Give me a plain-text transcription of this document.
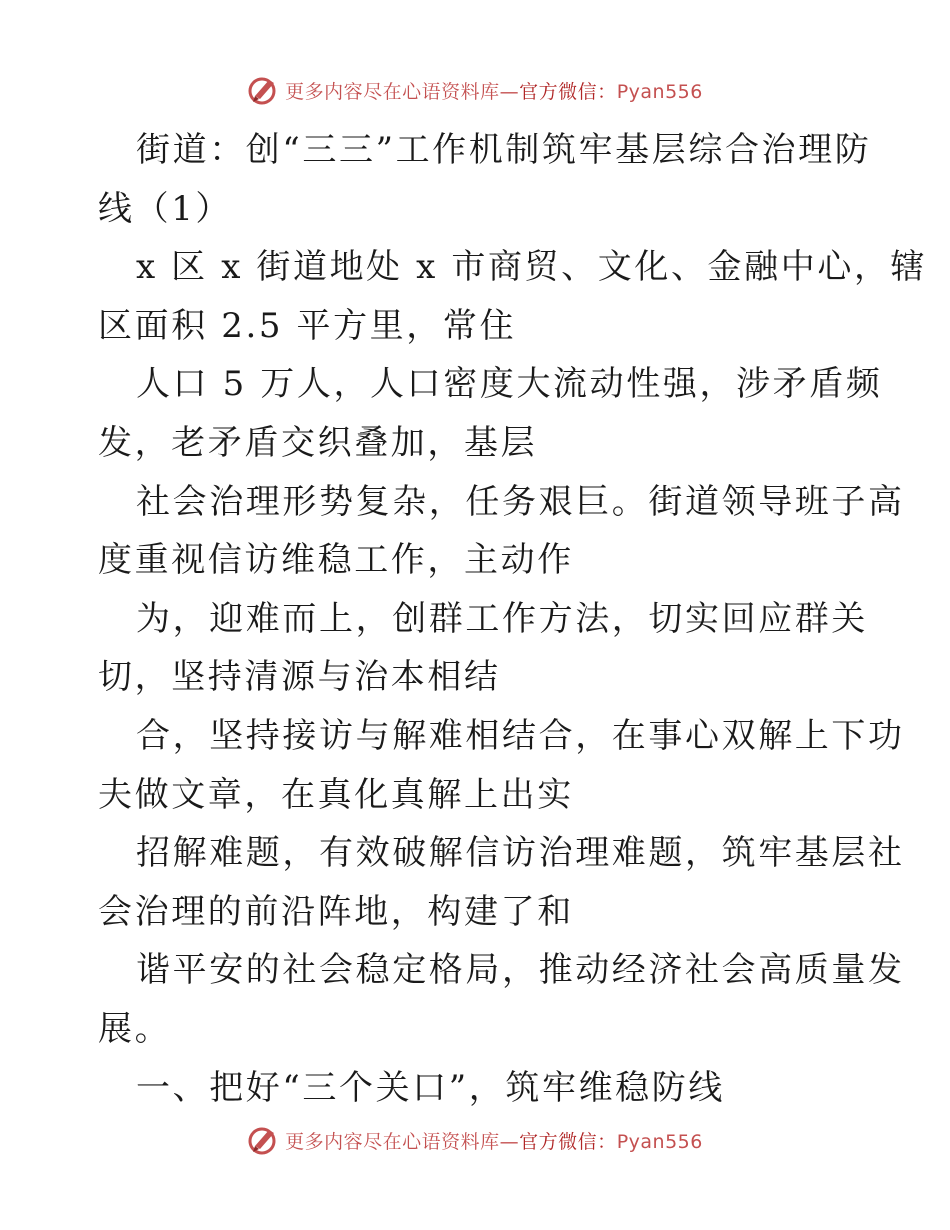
更多内容尽在心语资料库— 官方微信：Pyan556

街道：创“三三”工作机制筑牢基层综合治理防
线（1）

x 区 x 街道地处 x 市商贸、文化、金融中心，辖
区面积 2.5 平方里，常住

人口 5 万人，人口密度大流动性强，涉矛盾频
发，老矛盾交织叠加，基层

社会治理形势复杂，任务艰巨。街道领导班子高
度重视信访维稳工作，主动作

为，迎难而上，创群工作方法，切实回应群关
切，坚持清源与治本相结

合，坚持接访与解难相结合，在事心双解上下功
夫做文章，在真化真解上出实

招解难题，有效破解信访治理难题，筑牢基层社
会治理的前沿阵地，构建了和

谐平安的社会稳定格局，推动经济社会高质量发
展。

一、把好“三个关口”，筑牢维稳防线

更多内容尽在心语资料库— 官方微信：Pyan556
